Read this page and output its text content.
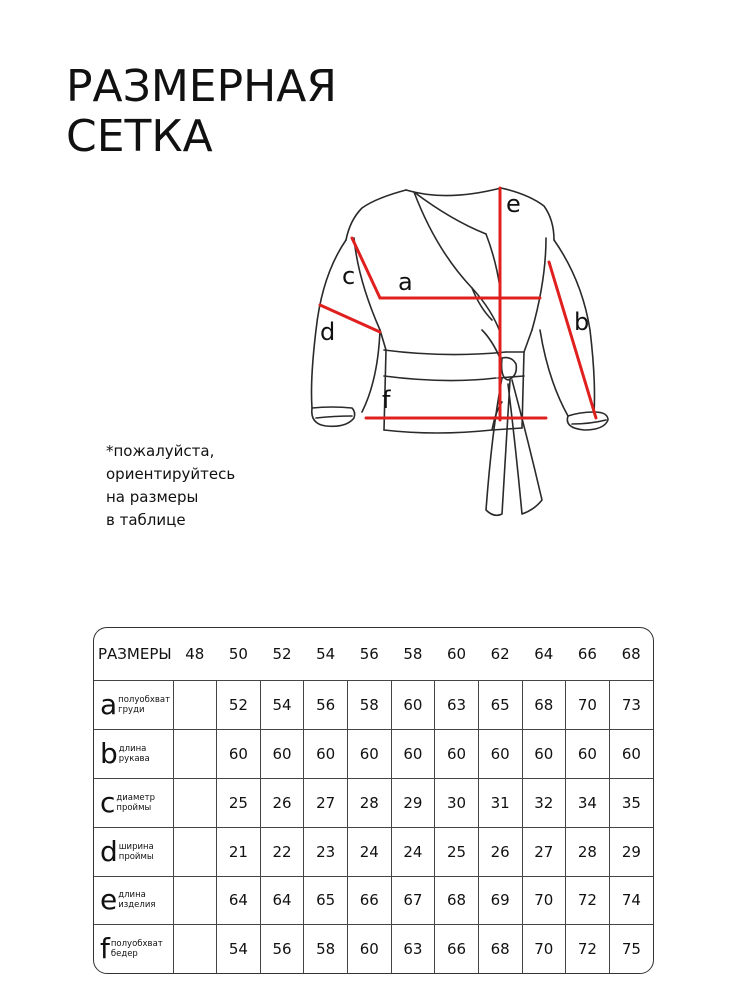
РАЗМЕРНАЯ
СЕТКА
a
b
c
d
e
f
*пожалуйста,
ориентируйтесь
на размеры
в таблице
РАЗМЕРЫ	48	50	52	54	56	58	60	62	64	66	68
a полуобхват
груди		52	54	56	58	60	63	65	68	70	73
b длина
рукава		60	60	60	60	60	60	60	60	60	60
c диаметр
проймы		25	26	27	28	29	30	31	32	34	35
d ширина
проймы		21	22	23	24	24	25	26	27	28	29
e длина
изделия		64	64	65	66	67	68	69	70	72	74
f полуобхват
бедер		54	56	58	60	63	66	68	70	72	75
